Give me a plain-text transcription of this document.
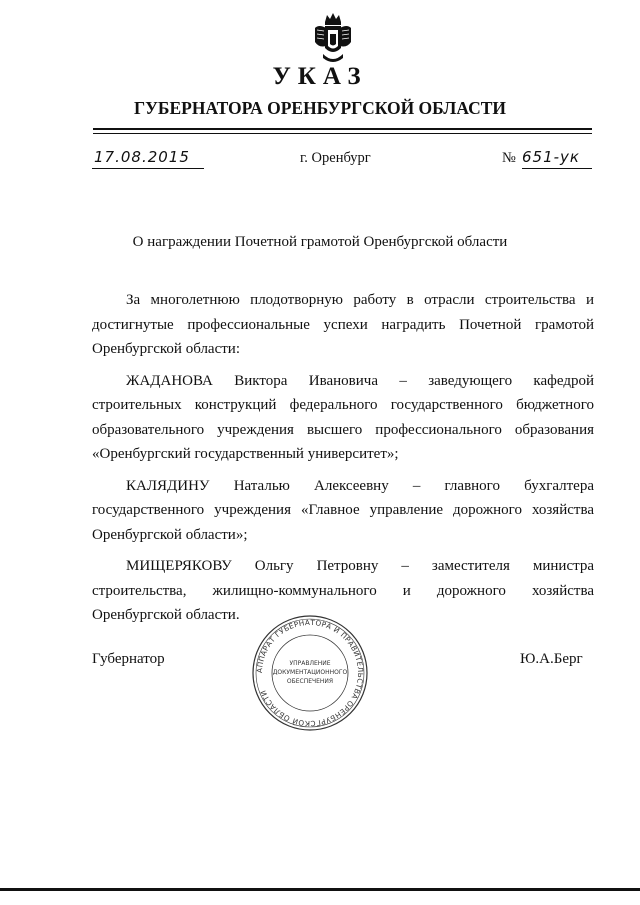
УКАЗ
ГУБЕРНАТОРА ОРЕНБУРГСКОЙ ОБЛАСТИ
17.08.2015	г. Оренбург	№ 651-ук
О награждении Почетной грамотой Оренбургской области

За многолетнюю плодотворную работу в отрасли строительства и достигнутые профессиональные успехи наградить Почетной грамотой Оренбургской области:

ЖАДАНОВА Виктора Ивановича – заведующего кафедрой строительных конструкций федерального государственного бюджетного образовательного учреждения высшего профессионального образования «Оренбургский государственный университет»;

КАЛЯДИНУ Наталью Алексеевну – главного бухгалтера государственного учреждения «Главное управление дорожного хозяйства Оренбургской области»;

МИЩЕРЯКОВУ Ольгу Петровну – заместителя министра строительства, жилищно-коммунального и дорожного хозяйства Оренбургской области.

Губернатор	Ю.А.Берг
АППАРАТ ГУБЕРНАТОРА И ПРАВИТЕЛЬСТВА ОРЕНБУРГСКОЙ ОБЛАСТИ
УПРАВЛЕНИЕ
ДОКУМЕНТАЦИОННОГО
ОБЕСПЕЧЕНИЯ
